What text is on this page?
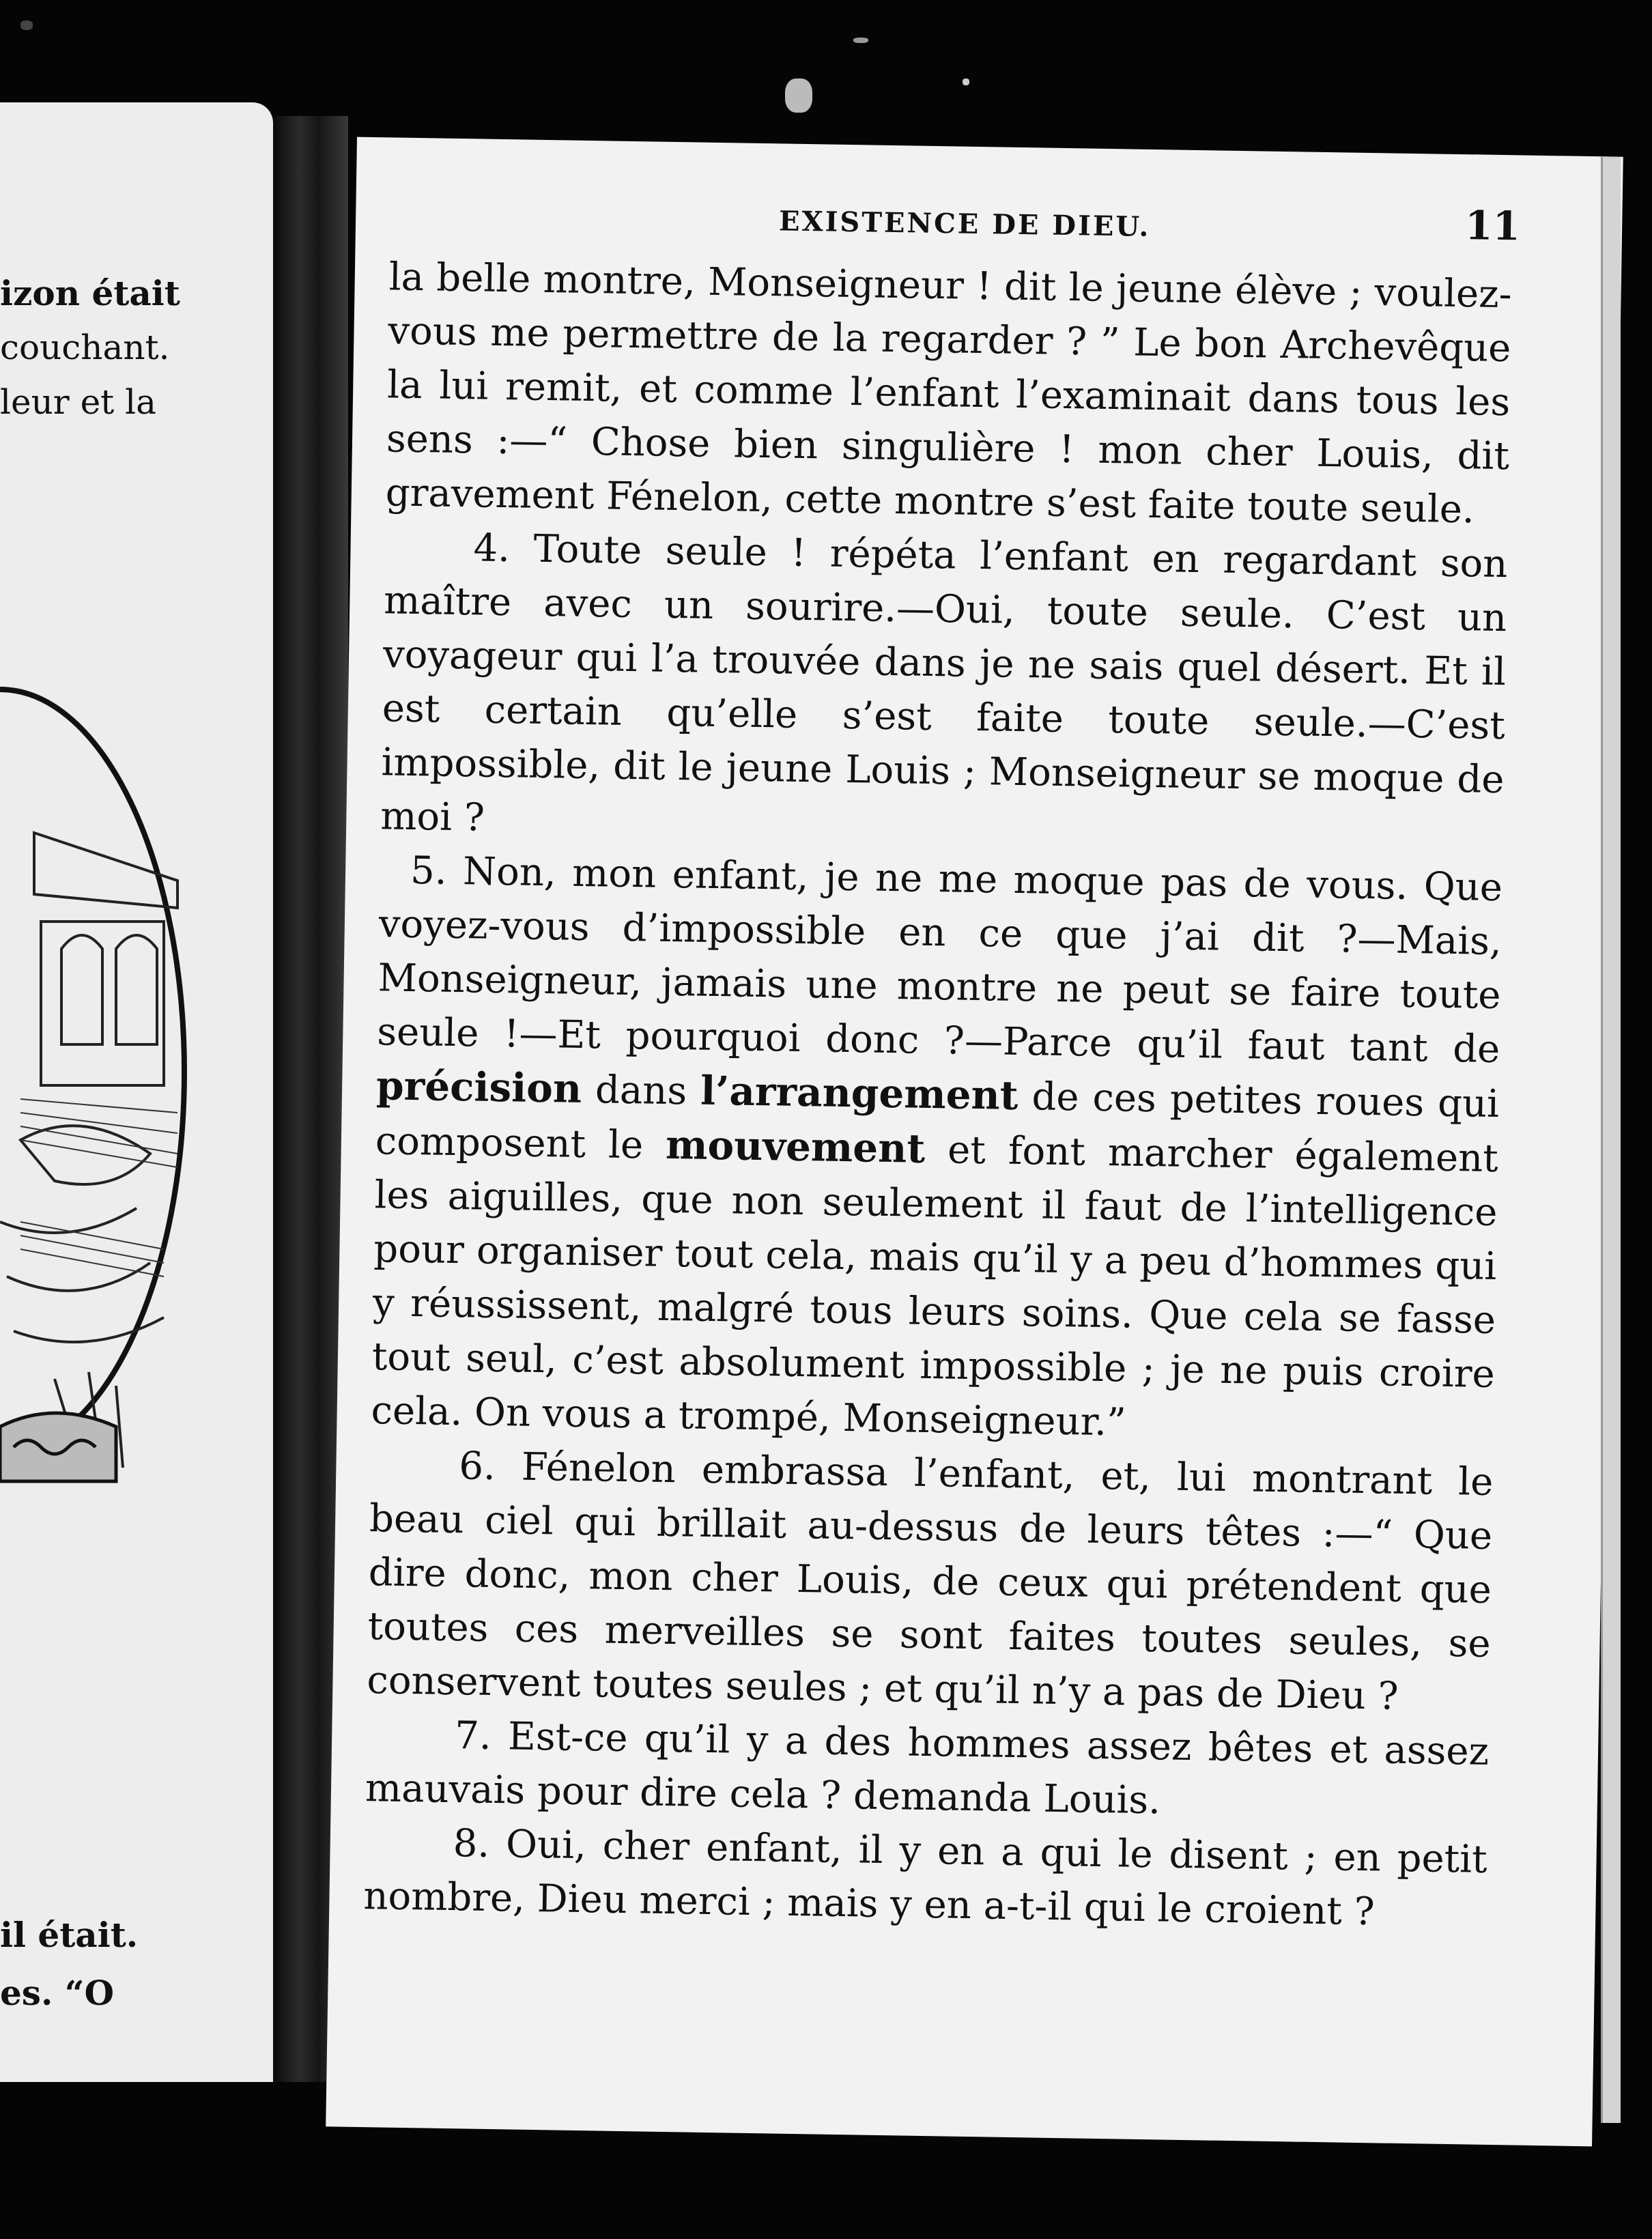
izon était
couchant.
leur et la
il était.
es. “O
EXISTENCE DE DIEU.	11

la belle montre, Monseigneur ! dit le jeune élève ; voulez-vous me permettre de la regarder ? ” Le bon Archevêque la lui remit, et comme l’enfant l’examinait dans tous les sens :—“ Chose bien singulière ! mon cher Louis, dit gravement Fénelon, cette montre s’est faite toute seule.

4. Toute seule ! répéta l’enfant en regardant son maître avec un sourire.—Oui, toute seule. C’est un voyageur qui l’a trouvée dans je ne sais quel désert. Et il est certain qu’elle s’est faite toute seule.—C’est impossible, dit le jeune Louis ; Monseigneur se moque de moi ?

5. Non, mon enfant, je ne me moque pas de vous. Que voyez-vous d’impossible en ce que j’ai dit ?—Mais, Monseigneur, jamais une montre ne peut se faire toute seule !—Et pourquoi donc ?—Parce qu’il faut tant de précision dans l’arrangement de ces petites roues qui composent le mouvement et font marcher également les aiguilles, que non seulement il faut de l’intelligence pour organiser tout cela, mais qu’il y a peu d’hommes qui y réussissent, malgré tous leurs soins. Que cela se fasse tout seul, c’est absolument impossible ; je ne puis croire cela. On vous a trompé, Monseigneur.”

6. Fénelon embrassa l’enfant, et, lui montrant le beau ciel qui brillait au-dessus de leurs têtes :—“ Que dire donc, mon cher Louis, de ceux qui prétendent que toutes ces merveilles se sont faites toutes seules, se conservent toutes seules ; et qu’il n’y a pas de Dieu ?

7. Est-ce qu’il y a des hommes assez bêtes et assez mauvais pour dire cela ? demanda Louis.

8. Oui, cher enfant, il y en a qui le disent ; en petit nombre, Dieu merci ; mais y en a-t-il qui le croient ?
